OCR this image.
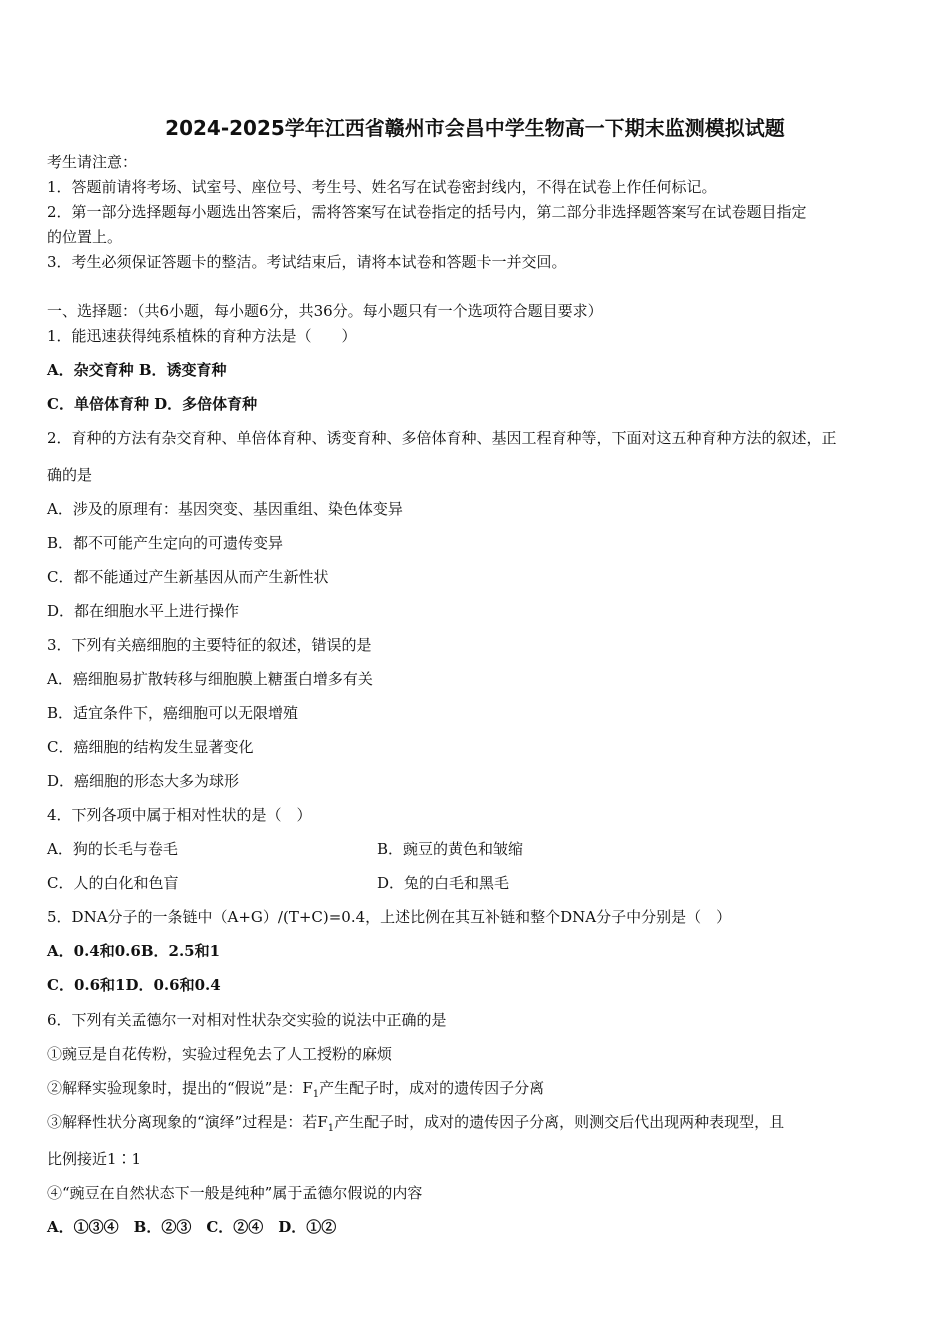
2024-2025学年江西省赣州市会昌中学生物高一下期末监测模拟试题
考生请注意：
1．答题前请将考场、试室号、座位号、考生号、姓名写在试卷密封线内，不得在试卷上作任何标记。
2．第一部分选择题每小题选出答案后，需将答案写在试卷指定的括号内，第二部分非选择题答案写在试卷题目指定
的位置上。
3．考生必须保证答题卡的整洁。考试结束后，请将本试卷和答题卡一并交回。
一、选择题：（共6小题，每小题6分，共36分。每小题只有一个选项符合题目要求）
1．能迅速获得纯系植株的育种方法是（　　）
A．杂交育种 B．诱变育种
C．单倍体育种 D．多倍体育种
2．育种的方法有杂交育种、单倍体育种、诱变育种、多倍体育种、基因工程育种等，下面对这五种育种方法的叙述，正
确的是
A．涉及的原理有：基因突变、基因重组、染色体变异
B．都不可能产生定向的可遗传变异
C．都不能通过产生新基因从而产生新性状
D．都在细胞水平上进行操作
3．下列有关癌细胞的主要特征的叙述，错误的是
A．癌细胞易扩散转移与细胞膜上糖蛋白增多有关
B．适宜条件下，癌细胞可以无限增殖
C．癌细胞的结构发生显著变化
D．癌细胞的形态大多为球形
4．下列各项中属于相对性状的是（　）
A．狗的长毛与卷毛	B．豌豆的黄色和皱缩
C．人的白化和色盲	D．兔的白毛和黑毛
5．DNA分子的一条链中（A+G）/(T+C)=0.4，上述比例在其互补链和整个DNA分子中分别是（　）
A．0.4和0.6B．2.5和1
C．0.6和1D．0.6和0.4
6．下列有关孟德尔一对相对性状杂交实验的说法中正确的是
①豌豆是自花传粉，实验过程免去了人工授粉的麻烦
②解释实验现象时，提出的“假说”是：$F_1$产生配子时，成对的遗传因子分离
③解释性状分离现象的“演绎”过程是：若$F_1$产生配子时，成对的遗传因子分离，则测交后代出现两种表现型，且
比例接近1∶1
④“豌豆在自然状态下一般是纯种”属于孟德尔假说的内容
A．①③④　B．②③　C．②④　D．①②
